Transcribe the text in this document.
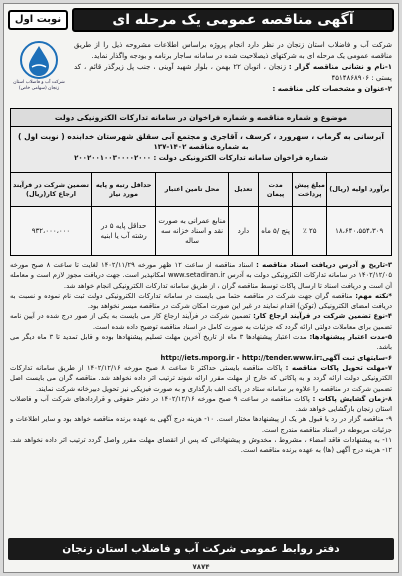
آگهی مناقصه عمومی یک مرحله ای
نوبت اول
شرکت آب و فاضلاب استان زنجان (سهامی خاص)

شرکت آب و فاضلاب استان زنجان در نظر دارد انجام پروژه براساس اطلاعات مشروحه ذیل را از طریق مناقصه عمومی یک مرحله ای به شرکتهای ذیصلاحیت شده در سامانه ساجار برنامه و بودجه واگذار نماید.

۱-نام و نشانی مناقصه گزار : زنجان ، اتوبان ۲۲ بهمن ، بلوار شهید آوینی ، جنب پل زیرگذر قائم ، کد پستی : ۴۵۱۴۸۶۸۹۰۶

۲-عنوان و مشخصات کلی مناقصه :

موضوع و شماره مناقصه و شماره فراخوان در سامانه تدارکات الکترونیکی دولت
آبرسانی به گرماب ، سهرورد ، کرسف ، آقاجری و مجتمع آبی سقلق شهرستان خدابنده ( نوبت اول )
به شماره مناقصه ۱۴۰۲-۱۳۷
شماره فراخوان سامانه تدارکات الکترونیکی دولت : ۲۰۰۲۰۰۱۰۰۳۰۰۰۰۲۰۰۰
برآورد اولیه (ریال)
۱۸،۶۴۰،۵۵۴،۳۰۹
مبلغ پیش پرداخت
۲۵ ٪
مدت پیمان
پنج /۵ ماه
تعدیل
دارد
محل تامین اعتبار
منابع عمرانی به صورت نقد و اسناد خزانه سه ساله
حداقل رتبه و پایه مورد نیاز
حداقل پایه ۵ در رشته آب یا ابنیه
تضمین شرکت در فرآیند ارجاع کار(ریال)
۹۳۲،۰۰۰،۰۰۰

۳-تاریخ و آدرس دریافت اسناد مناقصه : اسناد مناقصه از ساعت ۱۲ ظهر مورخه ۱۴۰۲/۱۱/۲۹ لغایت تا ساعت ۸ صبح مورخه ۱۴۰۲/۱۲/۰۵ در سامانه تدارکات الکترونیکی دولت به آدرس www.setadiran.ir امکانپذیر است. جهت دریافت مجوز لازم است و معامله آن است و دریافت اسناد تا ارسال پاکات توسط مناقصه گران ، از طریق سامانه تدارکات الکترونیکی انجام خواهد شد.

*نکته مهم: مناقصه گران جهت شرکت در مناقصه حتما می بایست در سامانه تدارکات الکترونیکی دولت ثبت نام نموده و نسبت به دریافت امضای الکترونیکی (توکن) اقدام نمایند در غیر این صورت امکان شرکت در مناقصه میسر نخواهد بود.

۴-نوع تضمین شرکت در فرآیند ارجاع کار: تضمین شرکت در فرآیند ارجاع کار می بایست به یکی از صور درج شده در آیین نامه تضمین برای معاملات دولتی ارائه گردد که جزئیات به صورت کامل در اسناد مناقصه توضیح داده شده است.

۵-مدت اعتبار پیشنهادها: مدت اعتبار پیشنهادها ۳ ماه از تاریخ آخرین مهلت تسلیم پیشنهادها بوده و قابل تمدید تا ۳ ماه دیگر می باشد.

۶-سایتهای ثبت آگهی: http://iets.mporg.ir - http://tender.www.ir

۷-مهلت تحویل پاکات مناقصه : پاکات مناقصه بایستی حداکثر تا ساعت ۸ صبح مورخه ۱۴۰۲/۱۲/۱۶ از طریق سامانه تدارکات الکترونیکی دولت ارائه گردد و به پاکاتی که خارج از مهلت مقرر ارائه شوند ترتیب اثر داده نخواهد شد. مناقصه گران می بایست اصل تضمین شرکت در مناقصه را علاوه بر سامانه ستاد در پاکت الف بارگذاری و به صورت فیزیکی نیز تحویل دبیرخانه شرکت نمایند.

۸-زمان گشایش پاکات : پاکات مناقصه در ساعت ۹ صبح مورخه ۱۴۰۲/۱۲/۱۶ در دفتر حقوقی و قراردادهای شرکت آب و فاضلاب استان زنجان بازگشایی خواهد شد.

۹- مناقصه گزار در رد یا قبول هر یک از پیشنهادها مختار است. ۱۰- هزینه درج آگهی به عهده برنده مناقصه خواهد بود و سایر اطلاعات و جزئیات مربوطه در اسناد مناقصه مندرج است.

۱۱- به پیشنهادات فاقد امضاء ، مشروط ، مخدوش و پیشنهاداتی که پس از انقضای مهلت مقرر واصل گردد ترتیب اثر داده نخواهد شد. ۱۲- هزینه درج آگهی (ها) به عهده برنده مناقصه است.

دفتر روابط عمومی شرکت آب و فاضلاب استان زنجان
۷۸۷۴
